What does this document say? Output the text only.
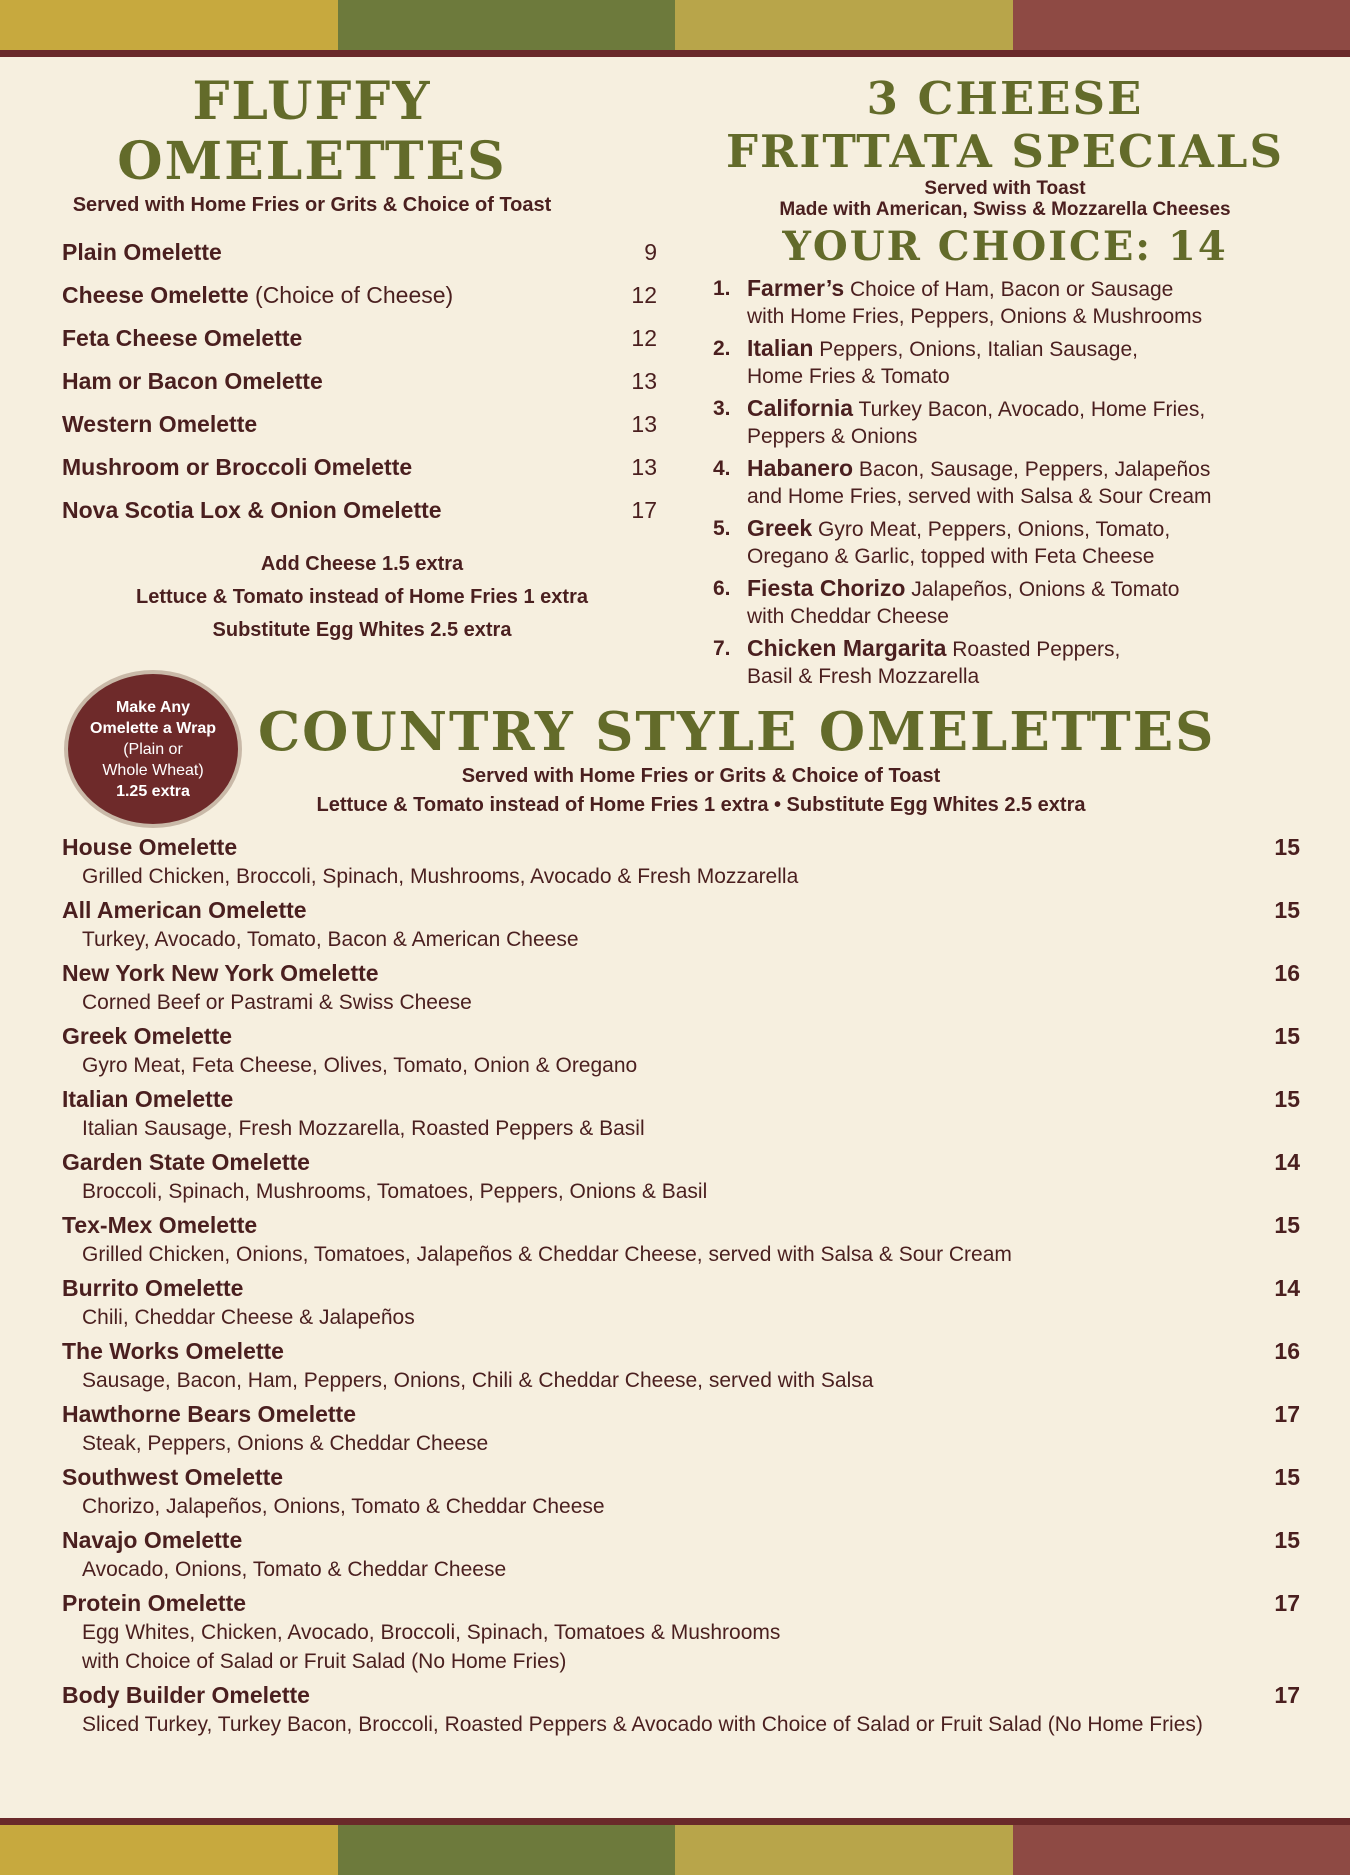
FLUFFY
OMELETTES
Served with Home Fries or Grits & Choice of Toast
Plain Omelette	9
Cheese Omelette (Choice of Cheese)	12
Feta Cheese Omelette	12
Ham or Bacon Omelette	13
Western Omelette	13
Mushroom or Broccoli Omelette	13
Nova Scotia Lox & Onion Omelette	17
Add Cheese 1.5 extra
Lettuce & Tomato instead of Home Fries 1 extra
Substitute Egg Whites 2.5 extra
3 CHEESE
FRITTATA SPECIALS
Served with Toast
Made with American, Swiss & Mozzarella Cheeses
YOUR CHOICE: 14
1. Farmer’s Choice of Ham, Bacon or Sausage
with Home Fries, Peppers, Onions & Mushrooms
2. Italian Peppers, Onions, Italian Sausage,
Home Fries & Tomato
3. California Turkey Bacon, Avocado, Home Fries,
Peppers & Onions
4. Habanero Bacon, Sausage, Peppers, Jalapeños
and Home Fries, served with Salsa & Sour Cream
5. Greek Gyro Meat, Peppers, Onions, Tomato,
Oregano & Garlic, topped with Feta Cheese
6. Fiesta Chorizo Jalapeños, Onions & Tomato
with Cheddar Cheese
7. Chicken Margarita Roasted Peppers,
Basil & Fresh Mozzarella
Make Any
Omelette a Wrap
(Plain or
Whole Wheat)
1.25 extra
COUNTRY STYLE OMELETTES
Served with Home Fries or Grits & Choice of Toast
Lettuce & Tomato instead of Home Fries 1 extra • Substitute Egg Whites 2.5 extra
House Omelette	15
Grilled Chicken, Broccoli, Spinach, Mushrooms, Avocado & Fresh Mozzarella
All American Omelette	15
Turkey, Avocado, Tomato, Bacon & American Cheese
New York New York Omelette	16
Corned Beef or Pastrami & Swiss Cheese
Greek Omelette	15
Gyro Meat, Feta Cheese, Olives, Tomato, Onion & Oregano
Italian Omelette	15
Italian Sausage, Fresh Mozzarella, Roasted Peppers & Basil
Garden State Omelette	14
Broccoli, Spinach, Mushrooms, Tomatoes, Peppers, Onions & Basil
Tex-Mex Omelette	15
Grilled Chicken, Onions, Tomatoes, Jalapeños & Cheddar Cheese, served with Salsa & Sour Cream
Burrito Omelette	14
Chili, Cheddar Cheese & Jalapeños
The Works Omelette	16
Sausage, Bacon, Ham, Peppers, Onions, Chili & Cheddar Cheese, served with Salsa
Hawthorne Bears Omelette	17
Steak, Peppers, Onions & Cheddar Cheese
Southwest Omelette	15
Chorizo, Jalapeños, Onions, Tomato & Cheddar Cheese
Navajo Omelette	15
Avocado, Onions, Tomato & Cheddar Cheese
Protein Omelette	17
Egg Whites, Chicken, Avocado, Broccoli, Spinach, Tomatoes & Mushrooms
with Choice of Salad or Fruit Salad (No Home Fries)
Body Builder Omelette	17
Sliced Turkey, Turkey Bacon, Broccoli, Roasted Peppers & Avocado with Choice of Salad or Fruit Salad (No Home Fries)
